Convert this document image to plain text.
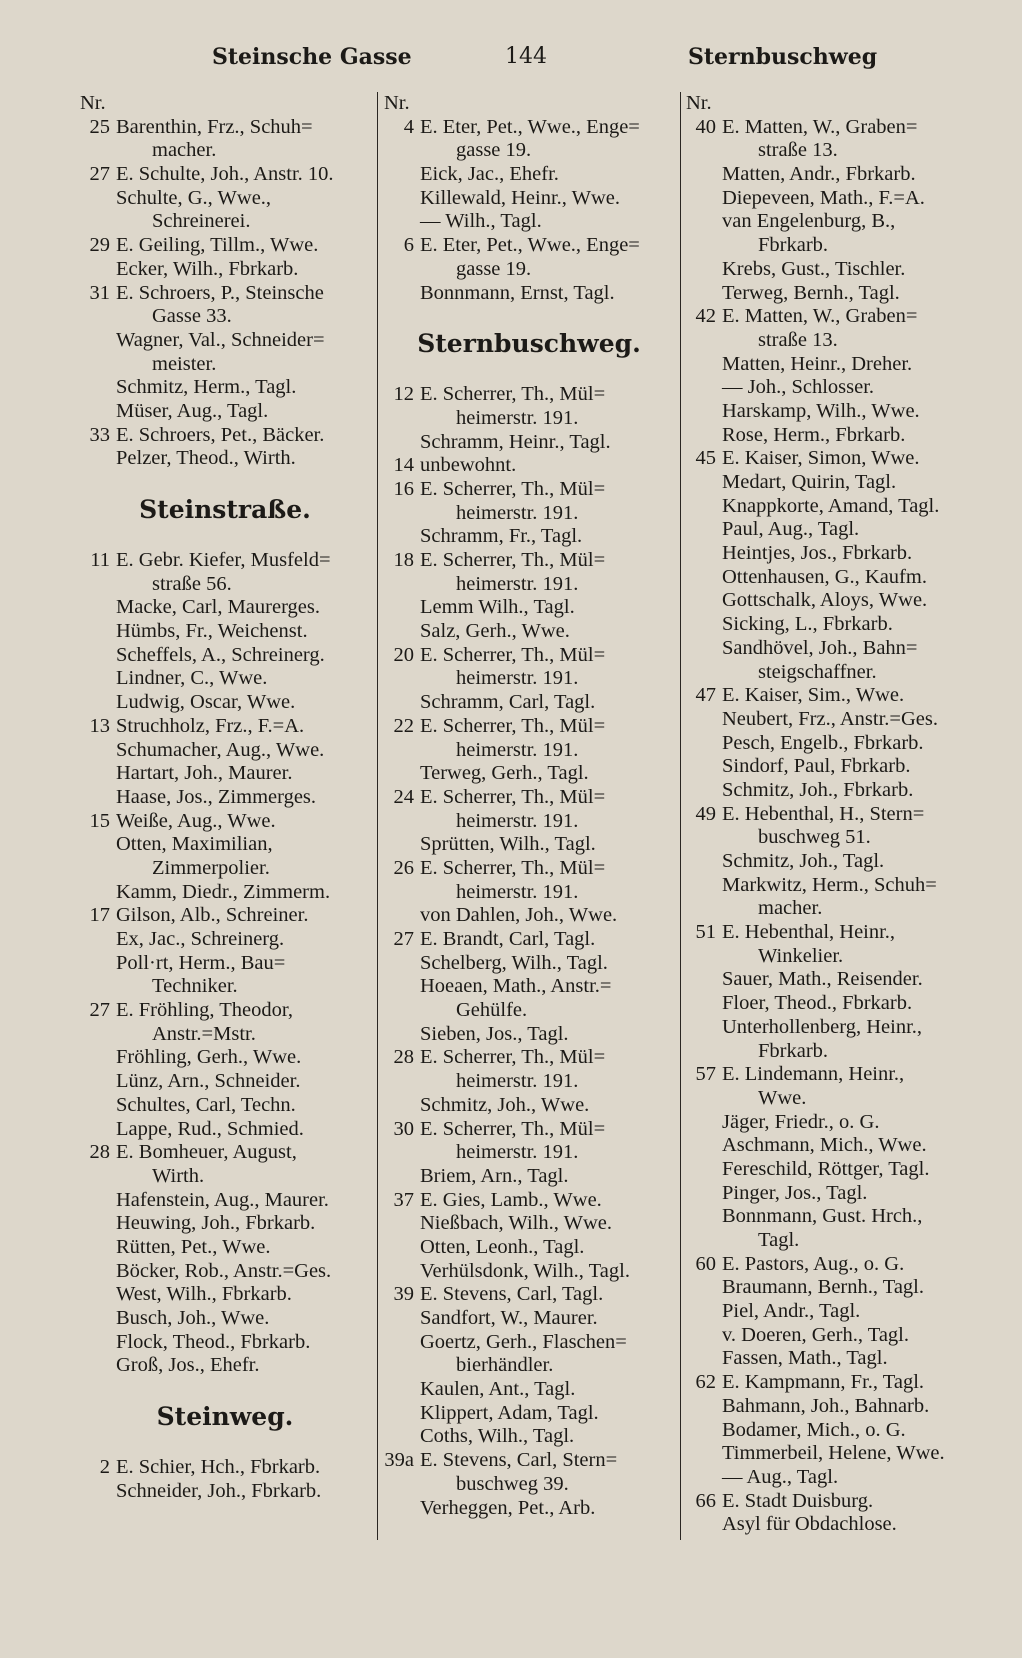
Steinsche Gasse	144	Sternbuschweg
Nr.
25 Barenthin, Frz., Schuh=
macher.
27 E. Schulte, Joh., Anstr. 10.
Schulte, G., Wwe.,
Schreinerei.
29 E. Geiling, Tillm., Wwe.
Ecker, Wilh., Fbrkarb.
31 E. Schroers, P., Steinsche
Gasse 33.
Wagner, Val., Schneider=
meister.
Schmitz, Herm., Tagl.
Müser, Aug., Tagl.
33 E. Schroers, Pet., Bäcker.
Pelzer, Theod., Wirth.
Steinstraße.
11 E. Gebr. Kiefer, Musfeld=
straße 56.
Macke, Carl, Maurerges.
Hümbs, Fr., Weichenst.
Scheffels, A., Schreinerg.
Lindner, C., Wwe.
Ludwig, Oscar, Wwe.
13 Struchholz, Frz., F.=A.
Schumacher, Aug., Wwe.
Hartart, Joh., Maurer.
Haase, Jos., Zimmerges.
15 Weiße, Aug., Wwe.
Otten, Maximilian,
Zimmerpolier.
Kamm, Diedr., Zimmerm.
17 Gilson, Alb., Schreiner.
Ex, Jac., Schreinerg.
Poll·rt, Herm., Bau=
Techniker.
27 E. Fröhling, Theodor,
Anstr.=Mstr.
Fröhling, Gerh., Wwe.
Lünz, Arn., Schneider.
Schultes, Carl, Techn.
Lappe, Rud., Schmied.
28 E. Bomheuer, August,
Wirth.
Hafenstein, Aug., Maurer.
Heuwing, Joh., Fbrkarb.
Rütten, Pet., Wwe.
Böcker, Rob., Anstr.=Ges.
West, Wilh., Fbrkarb.
Busch, Joh., Wwe.
Flock, Theod., Fbrkarb.
Groß, Jos., Ehefr.
Steinweg.
2 E. Schier, Hch., Fbrkarb.
Schneider, Joh., Fbrkarb.
Nr.
4 E. Eter, Pet., Wwe., Enge=
gasse 19.
Eick, Jac., Ehefr.
Killewald, Heinr., Wwe.
— Wilh., Tagl.
6 E. Eter, Pet., Wwe., Enge=
gasse 19.
Bonnmann, Ernst, Tagl.
Sternbuschweg.
12 E. Scherrer, Th., Mül=
heimerstr. 191.
Schramm, Heinr., Tagl.
14 unbewohnt.
16 E. Scherrer, Th., Mül=
heimerstr. 191.
Schramm, Fr., Tagl.
18 E. Scherrer, Th., Mül=
heimerstr. 191.
Lemm Wilh., Tagl.
Salz, Gerh., Wwe.
20 E. Scherrer, Th., Mül=
heimerstr. 191.
Schramm, Carl, Tagl.
22 E. Scherrer, Th., Mül=
heimerstr. 191.
Terweg, Gerh., Tagl.
24 E. Scherrer, Th., Mül=
heimerstr. 191.
Sprütten, Wilh., Tagl.
26 E. Scherrer, Th., Mül=
heimerstr. 191.
von Dahlen, Joh., Wwe.
27 E. Brandt, Carl, Tagl.
Schelberg, Wilh., Tagl.
Hoeaen, Math., Anstr.=
Gehülfe.
Sieben, Jos., Tagl.
28 E. Scherrer, Th., Mül=
heimerstr. 191.
Schmitz, Joh., Wwe.
30 E. Scherrer, Th., Mül=
heimerstr. 191.
Briem, Arn., Tagl.
37 E. Gies, Lamb., Wwe.
Nießbach, Wilh., Wwe.
Otten, Leonh., Tagl.
Verhülsdonk, Wilh., Tagl.
39 E. Stevens, Carl, Tagl.
Sandfort, W., Maurer.
Goertz, Gerh., Flaschen=
bierhändler.
Kaulen, Ant., Tagl.
Klippert, Adam, Tagl.
Coths, Wilh., Tagl.
39a E. Stevens, Carl, Stern=
buschweg 39.
Verheggen, Pet., Arb.
Nr.
40 E. Matten, W., Graben=
straße 13.
Matten, Andr., Fbrkarb.
Diepeveen, Math., F.=A.
van Engelenburg, B.,
Fbrkarb.
Krebs, Gust., Tischler.
Terweg, Bernh., Tagl.
42 E. Matten, W., Graben=
straße 13.
Matten, Heinr., Dreher.
— Joh., Schlosser.
Harskamp, Wilh., Wwe.
Rose, Herm., Fbrkarb.
45 E. Kaiser, Simon, Wwe.
Medart, Quirin, Tagl.
Knappkorte, Amand, Tagl.
Paul, Aug., Tagl.
Heintjes, Jos., Fbrkarb.
Ottenhausen, G., Kaufm.
Gottschalk, Aloys, Wwe.
Sicking, L., Fbrkarb.
Sandhövel, Joh., Bahn=
steigschaffner.
47 E. Kaiser, Sim., Wwe.
Neubert, Frz., Anstr.=Ges.
Pesch, Engelb., Fbrkarb.
Sindorf, Paul, Fbrkarb.
Schmitz, Joh., Fbrkarb.
49 E. Hebenthal, H., Stern=
buschweg 51.
Schmitz, Joh., Tagl.
Markwitz, Herm., Schuh=
macher.
51 E. Hebenthal, Heinr.,
Winkelier.
Sauer, Math., Reisender.
Floer, Theod., Fbrkarb.
Unterhollenberg, Heinr.,
Fbrkarb.
57 E. Lindemann, Heinr.,
Wwe.
Jäger, Friedr., o. G.
Aschmann, Mich., Wwe.
Fereschild, Röttger, Tagl.
Pinger, Jos., Tagl.
Bonnmann, Gust. Hrch.,
Tagl.
60 E. Pastors, Aug., o. G.
Braumann, Bernh., Tagl.
Piel, Andr., Tagl.
v. Doeren, Gerh., Tagl.
Fassen, Math., Tagl.
62 E. Kampmann, Fr., Tagl.
Bahmann, Joh., Bahnarb.
Bodamer, Mich., o. G.
Timmerbeil, Helene, Wwe.
— Aug., Tagl.
66 E. Stadt Duisburg.
Asyl für Obdachlose.
